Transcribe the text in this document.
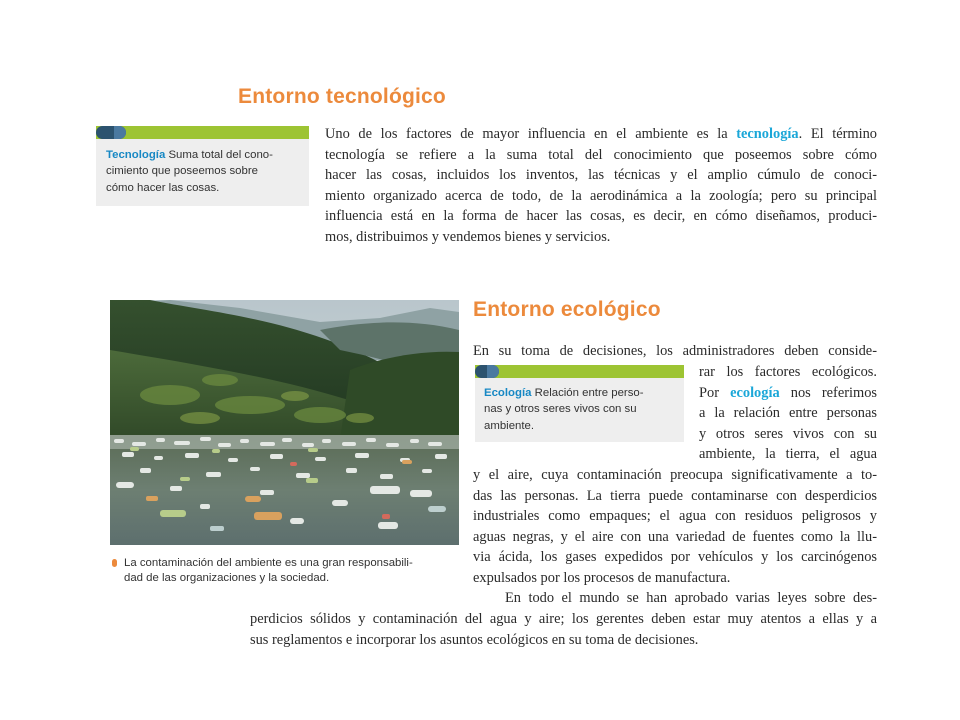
Entorno tecnológico
Entorno ecológico
Tecnología Suma total del cono-
cimiento que poseemos sobre
cómo hacer las cosas.
Uno de los factores de mayor influencia en el ambiente es la tecnología. El término
tecnología se refiere a la suma total del conocimiento que poseemos sobre cómo
hacer las cosas, incluidos los inventos, las técnicas y el amplio cúmulo de conoci-
miento organizado acerca de todo, de la aerodinámica a la zoología; pero su principal
influencia está en la forma de hacer las cosas, es decir, en cómo diseñamos, produci-
mos, distribuimos y vendemos bienes y servicios.
La contaminación del ambiente es una gran responsabili-
dad de las organizaciones y la sociedad.
En su toma de decisiones, los administradores deben conside-
Ecología Relación entre perso-
nas y otros seres vivos con su
ambiente.
rar los factores ecológicos.
Por ecología nos referimos
a la relación entre personas
y otros seres vivos con su
ambiente, la tierra, el agua
y el aire, cuya contaminación preocupa significativamente a to-
das las personas. La tierra puede contaminarse con desperdicios
industriales como empaques; el agua con residuos peligrosos y
aguas negras, y el aire con una variedad de fuentes como la llu-
via ácida, los gases expedidos por vehículos y los carcinógenos
expulsados por los procesos de manufactura.
En todo el mundo se han aprobado varias leyes sobre des-
perdicios sólidos y contaminación del agua y aire; los gerentes deben estar muy atentos a ellas y a
sus reglamentos e incorporar los asuntos ecológicos en su toma de decisiones.
